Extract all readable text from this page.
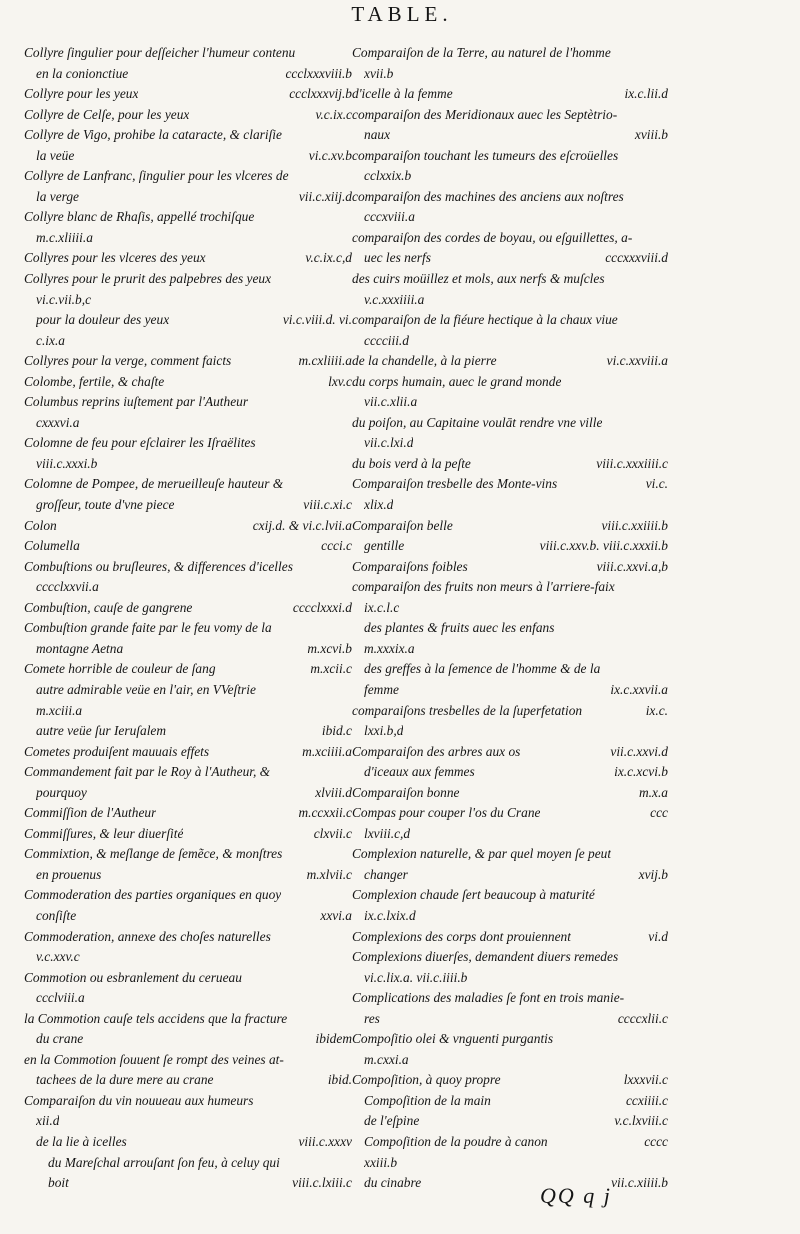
TABLE.
Collyre ſingulier pour deſſeicher l'humeur contenu
en la conionctiue	ccclxxxviii.b
Collyre pour les yeux	ccclxxxvij.b
Collyre de Celſe, pour les yeux	v.c.ix.c
Collyre de Vigo, prohibe la cataracte, & clariſie
la veüe	vi.c.xv.b
Collyre de Lanfranc, ſingulier pour les vlceres de
la verge	vii.c.xiij.d
Collyre blanc de Rhaſis, appellé trochiſque
m.c.xliiii.a
Collyres pour les vlceres des yeux	v.c.ix.c,d
Collyres pour le prurit des palpebres des yeux
vi.c.vii.b,c
pour la douleur des yeux	vi.c.viii.d. vi.
c.ix.a
Collyres pour la verge, comment faicts	m.cxliiii.a
Colombe, fertile, & chaſte	lxv.c
Columbus reprins iuſtement par l'Autheur
cxxxvi.a
Colomne de feu pour eſclairer les Iſraëlites
viii.c.xxxi.b
Colomne de Pompee, de merueilleuſe hauteur &
groſſeur, toute d'vne piece	viii.c.xi.c
Colon	cxij.d. & vi.c.lvii.a
Columella	ccci.c
Combuſtions ou bruſleures, & differences d'icelles
cccclxxvii.a
Combuſtion, cauſe de gangrene	cccclxxxi.d
Combuſtion grande faite par le feu vomy de la
montagne Aetna	m.xcvi.b
Comete horrible de couleur de ſang	m.xcii.c
autre admirable veüe en l'air, en VVeſtrie
m.xciii.a
autre veüe ſur Ieruſalem	ibid.c
Cometes produiſent mauuais effets	m.xciiii.a
Commandement fait par le Roy à l'Autheur, &
pourquoy	xlviii.d
Commiſſion de l'Autheur	m.ccxxii.c
Commiſſures, & leur diuerſité	clxvii.c
Commixtion, & meſlange de ſemẽce, & monſtres
en prouenus	m.xlvii.c
Commoderation des parties organiques en quoy
conſiſte	xxvi.a
Commoderation, annexe des choſes naturelles
v.c.xxv.c
Commotion ou esbranlement du cerueau
ccclviii.a
la Commotion cauſe tels accidens que la fracture
du crane	ibidem
en la Commotion ſouuent ſe rompt des veines at-
tachees de la dure mere au crane	ibid.
Comparaiſon du vin nouueau aux humeurs
xii.d
de la lie à icelles	viii.c.xxxv
du Mareſchal arrouſant ſon feu, à celuy qui
boit	viii.c.lxiii.c
Comparaiſon de la Terre, au naturel de l'homme
xvii.b
d'icelle à la femme	ix.c.lii.d
comparaiſon des Meridionaux auec les Septètrio-
naux	xviii.b
comparaiſon touchant les tumeurs des eſcroüelles
cclxxix.b
comparaiſon des machines des anciens aux noſtres
cccxviii.a
comparaiſon des cordes de boyau, ou eſguillettes, a-
uec les nerfs	cccxxxviii.d
des cuirs moüillez et mols, aux nerfs & muſcles
v.c.xxxiiii.a
comparaiſon de la fiéure hectique à la chaux viue
cccciii.d
de la chandelle, à la pierre	vi.c.xxviii.a
du corps humain, auec le grand monde
vii.c.xlii.a
du poiſon, au Capitaine voulāt rendre vne ville
vii.c.lxi.d
du bois verd à la peſte	viii.c.xxxiiii.c
Comparaiſon tresbelle des Monte-vins	vi.c.
xlix.d
Comparaiſon belle	viii.c.xxiiii.b
gentille	viii.c.xxv.b. viii.c.xxxii.b
Comparaiſons foibles	viii.c.xxvi.a,b
comparaiſon des fruits non meurs à l'arriere-faix
ix.c.l.c
des plantes & fruits auec les enfans
m.xxxix.a
des greffes à la ſemence de l'homme & de la
femme	ix.c.xxvii.a
comparaiſons tresbelles de la ſuperfetation	ix.c.
lxxi.b,d
Comparaiſon des arbres aux os	vii.c.xxvi.d
d'iceaux aux femmes	ix.c.xcvi.b
Comparaiſon bonne	m.x.a
Compas pour couper l'os du Crane	ccc
lxviii.c,d
Complexion naturelle, & par quel moyen ſe peut
changer	xvij.b
Complexion chaude ſert beaucoup à maturité
ix.c.lxix.d
Complexions des corps dont prouiennent	vi.d
Complexions diuerſes, demandent diuers remedes
vi.c.lix.a. vii.c.iiii.b
Complications des maladies ſe font en trois manie-
res	ccccxlii.c
Compoſitio olei & vnguenti purgantis
m.cxxi.a
Compoſition, à quoy propre	lxxxvii.c
Compoſition de la main	ccxiiii.c
de l'eſpine	v.c.lxviii.c
Compoſition de la poudre à canon	cccc
xxiii.b
du cinabre	vii.c.xiiii.b
QQ q j
